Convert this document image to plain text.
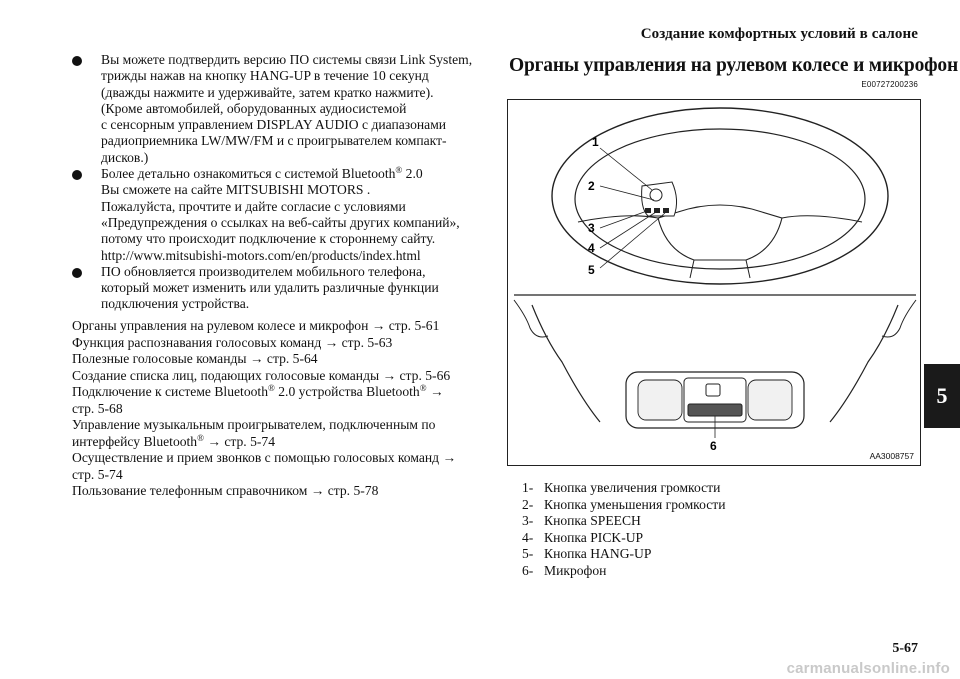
Создание комфортных условий в салоне
Вы можете подтвердить версию ПО системы связи Link System,
трижды нажав на кнопку HANG-UP в течение 10 секунд
(дважды нажмите и удерживайте, затем кратко нажмите).
(Кроме автомобилей, оборудованных аудиосистемой
с сенсорным управлением DISPLAY AUDIO с диапазонами
радиоприемника LW/MW/FM и с проигрывателем компакт-
дисков.)
Более детально ознакомиться с системой Bluetooth® 2.0
Вы сможете на сайте MITSUBISHI MOTORS .
Пожалуйста, прочтите и дайте согласие с условиями
«Предупреждения о ссылках на веб-сайты других компаний»,
потому что происходит подключение к стороннему сайту.
http://www.mitsubishi-motors.com/en/products/index.html
ПО обновляется производителем мобильного телефона,
который может изменить или удалить различные функции
подключения устройства.
Органы управления на рулевом колесе и микрофон → стр. 5-61
Функция распознавания голосовых команд → стр. 5-63
Полезные голосовые команды → стр. 5-64
Создание списка лиц, подающих голосовые команды → стр. 5-66
Подключение к системе Bluetooth® 2.0 устройства Bluetooth® →
стр. 5-68
Управление музыкальным проигрывателем, подключенным по
интерфейсу Bluetooth® → стр. 5-74
Осуществление и прием звонков с помощью голосовых команд →
стр. 5-74
Пользование телефонным справочником → стр. 5-78
Органы управления на рулевом колесе и микрофон
E00727200236
1
2
3
4
5
6
AA3008757
1- Кнопка увеличения громкости
2- Кнопка уменьшения громкости
3- Кнопка SPEECH
4- Кнопка PICK-UP
5- Кнопка HANG-UP
6- Микрофон
5
5-67
carmanualsonline.info
